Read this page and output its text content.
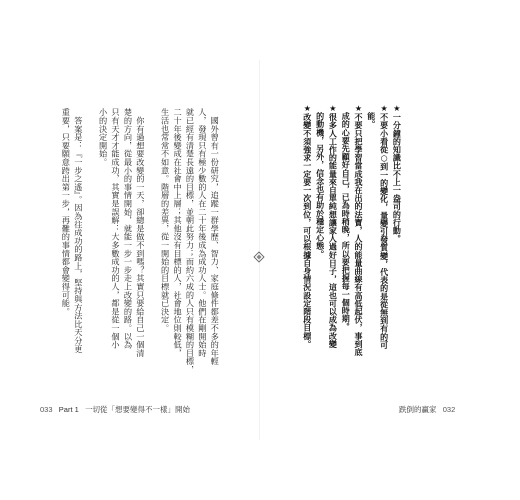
　國外曾有一份研究，追蹤一群學歷、智力、家庭條件都差不多的年輕
人，發現只有極少數的人在二十年後成為成功人士。他們在剛開始時
就已經有清楚長遠的目標，並朝此努力；而約六成的人只有模糊的目標，
二十年後變成在社會中上層；其他沒有目標的人，社會地位則較低，
生活也常常不如意。階層的差異，從一開始的目標就已決定。

　你有過想要改變的一天，卻總是做不到嗎？其實只要給自己一個清
楚的方向，從最小的事情開始，就能一步一步走上改變的路。以為
只有天才才能成功，其實是誤解：大多數成功的人，都是從一個小
小的決定開始。

　答案是：『一步之遙』。因為往成功的路上，堅持與方法比天分更
重要，只要願意跨出第一步，再難的事情都會變得可能。	★一分鐘的知識比不上一盎司的行動。
★不要小看從○到一的變化，量變引發質變，代表的是從無到有的可
　能。
★不要只把學習當成我在出的法寶，人的能量曲線有高低起伏，事到底
　成的心要先顧好自己，已為時稍晚，所以要把握每一個時期。
★很多人工作的能量來自單純想讓家人過好日子，這也可以成為改變
　的動機，另外，信念也有助於穩定心態。
★改變不須強求一定要一次到位，可以根據自身情況設定階段目標。
033 Part 1 一切從「想要變得不一樣」開始	跌倒的贏家 032
